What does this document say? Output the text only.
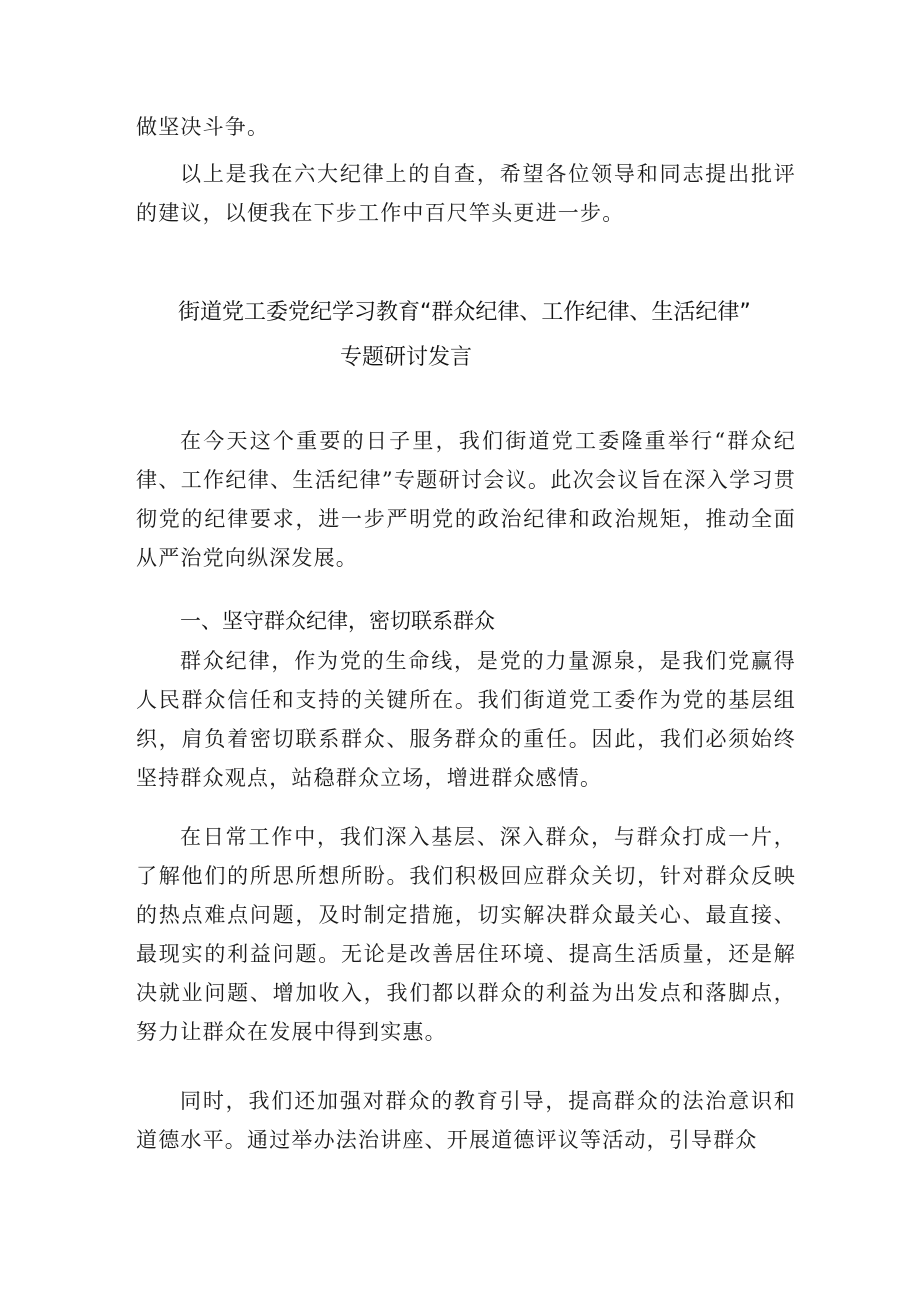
做坚决斗争。

以上是我在六大纪律上的自查，希望各位领导和同志提出批评的建议，以便我在下步工作中百尺竿头更进一步。

街道党工委党纪学习教育“群众纪律、工作纪律、生活纪律”
专题研讨发言

在今天这个重要的日子里，我们街道党工委隆重举行“群众纪律、工作纪律、生活纪律”专题研讨会议。此次会议旨在深入学习贯彻党的纪律要求，进一步严明党的政治纪律和政治规矩，推动全面从严治党向纵深发展。

一、坚守群众纪律，密切联系群众

群众纪律，作为党的生命线，是党的力量源泉，是我们党赢得人民群众信任和支持的关键所在。我们街道党工委作为党的基层组织，肩负着密切联系群众、服务群众的重任。因此，我们必须始终坚持群众观点，站稳群众立场，增进群众感情。

在日常工作中，我们深入基层、深入群众，与群众打成一片，了解他们的所思所想所盼。我们积极回应群众关切，针对群众反映的热点难点问题，及时制定措施，切实解决群众最关心、最直接、最现实的利益问题。无论是改善居住环境、提高生活质量，还是解决就业问题、增加收入，我们都以群众的利益为出发点和落脚点，努力让群众在发展中得到实惠。

同时，我们还加强对群众的教育引导，提高群众的法治意识和道德水平。通过举办法治讲座、开展道德评议等活动，引导群众
